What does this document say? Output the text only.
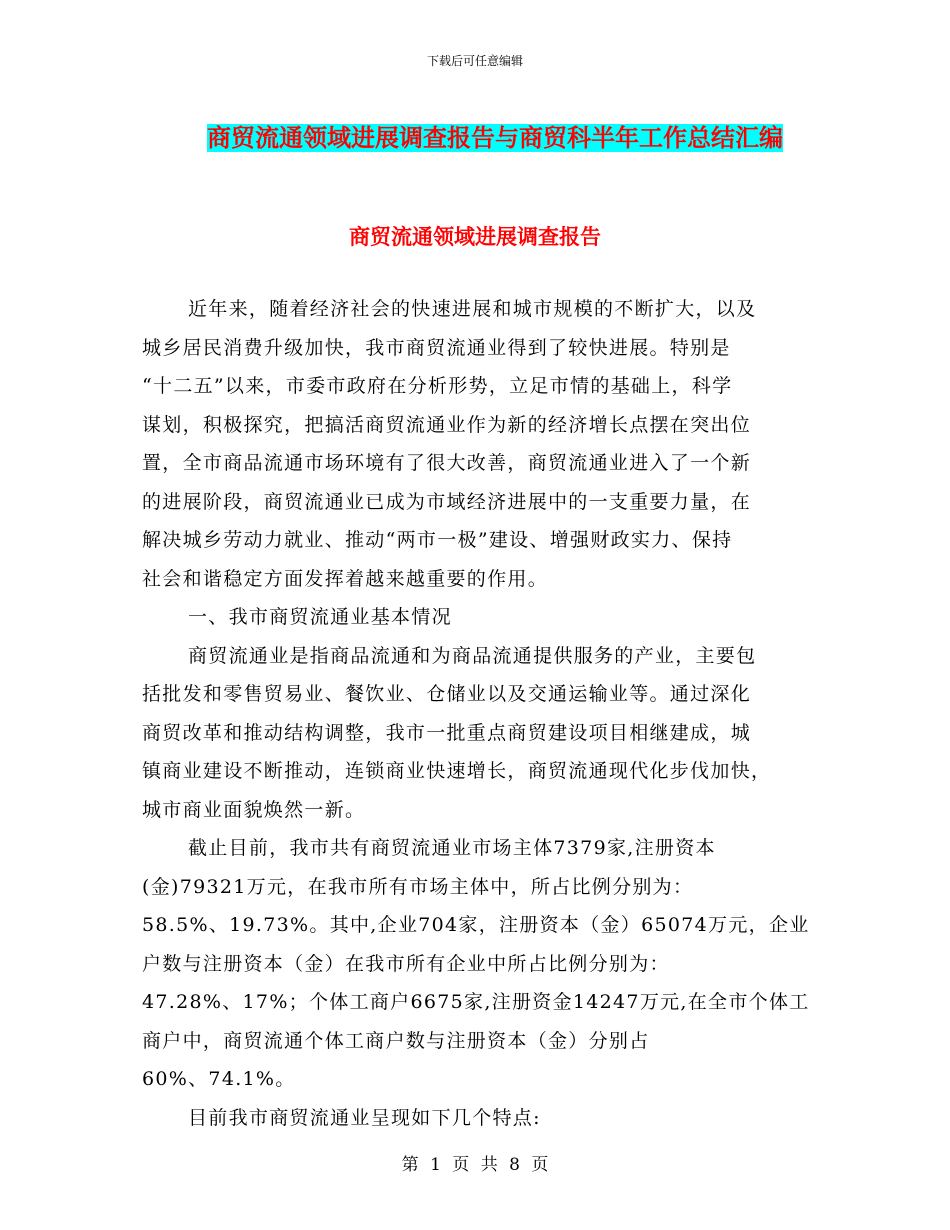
下载后可任意编辑
商贸流通领域进展调查报告与商贸科半年工作总结汇编
商贸流通领域进展调查报告

近年来，随着经济社会的快速进展和城市规模的不断扩大，以及
城乡居民消费升级加快，我市商贸流通业得到了较快进展。特别是
“十二五”以来，市委市政府在分析形势，立足市情的基础上，科学
谋划，积极探究，把搞活商贸流通业作为新的经济增长点摆在突出位
置，全市商品流通市场环境有了很大改善，商贸流通业进入了一个新
的进展阶段，商贸流通业已成为市域经济进展中的一支重要力量，在
解决城乡劳动力就业、推动“两市一极”建设、增强财政实力、保持
社会和谐稳定方面发挥着越来越重要的作用。

一、我市商贸流通业基本情况

商贸流通业是指商品流通和为商品流通提供服务的产业，主要包
括批发和零售贸易业、餐饮业、仓储业以及交通运输业等。通过深化
商贸改革和推动结构调整，我市一批重点商贸建设项目相继建成，城
镇商业建设不断推动，连锁商业快速增长，商贸流通现代化步伐加快，
城市商业面貌焕然一新。

截止目前，我市共有商贸流通业市场主体7379家,注册资本
(金)79321万元，在我市所有市场主体中，所占比例分别为：
58.5%、19.73%。其中,企业704家，注册资本（金）65074万元，企业
户数与注册资本（金）在我市所有企业中所占比例分别为：
47.28%、17%；个体工商户6675家,注册资金14247万元,在全市个体工
商户中，商贸流通个体工商户数与注册资本（金）分别占
60%、74.1%。

目前我市商贸流通业呈现如下几个特点:

第 1 页 共 8 页
